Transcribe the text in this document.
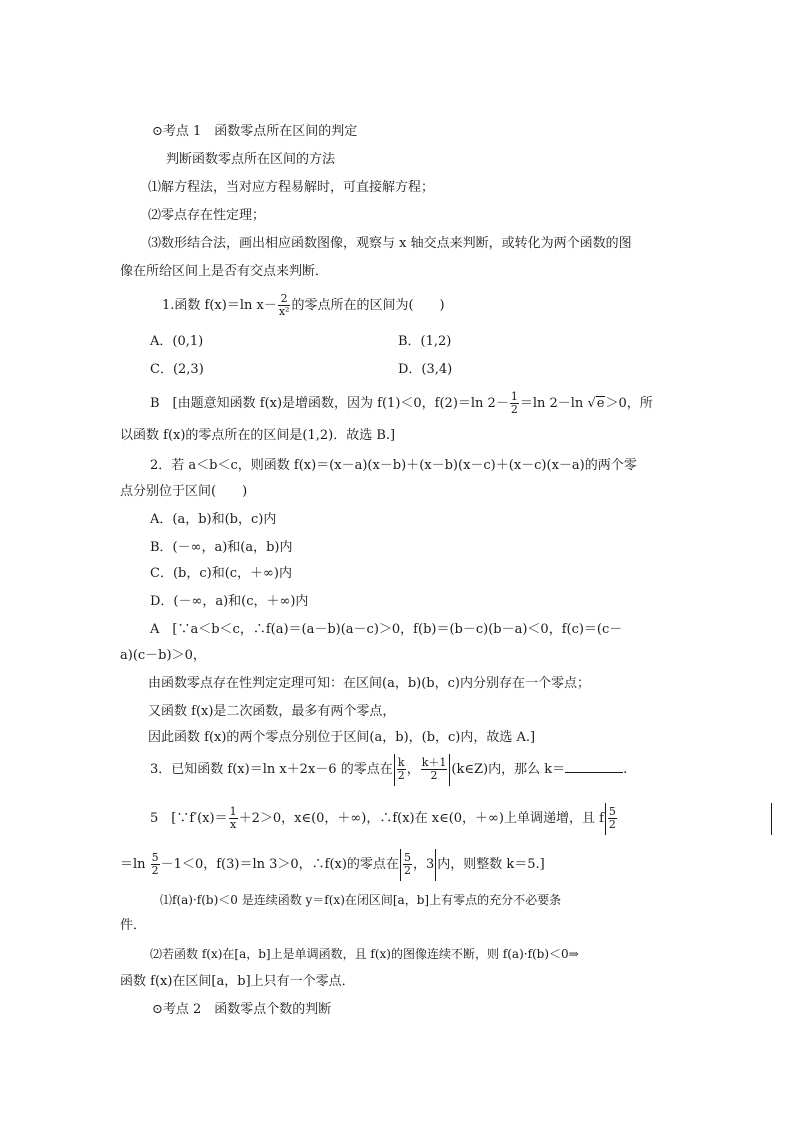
⊙考点 1　函数零点所在区间的判定
判断函数零点所在区间的方法
⑴解方程法，当对应方程易解时，可直接解方程；
⑵零点存在性定理；
⑶数形结合法，画出相应函数图像，观察与 x 轴交点来判断，或转化为两个函数的图
像在所给区间上是否有交点来判断．
1.函数 f(x)＝ln $x- \frac{2}{\text{x²}}$ 的零点所在的区间为(　　)
A．(0,1)	B．(1,2)
C．(2,3)	D．(3,4)
B　[由题意知函数 f(x)是增函数，因为 f(1)＜0，f(2)＝ln $2- \frac{1}{2} =\ln$ 2－ln √e＞0，所
以函数 f(x)的零点所在的区间是(1,2)．故选 B.]
2．若 a＜b＜c，则函数 f(x)＝(x－a)(x－b)＋(x－b)(x－c)＋(x－c)(x－a)的两个零
点分别位于区间(　　)
A．(a，b)和(b，c)内
B．(－∞，a)和(a，b)内
C．(b，c)和(c，＋∞)内
D．(－∞，a)和(c，＋∞)内
A　[∵a＜b＜c，∴f(a)＝(a－b)(a－c)＞0，f(b)＝(b－c)(b－a)＜0，f(c)＝(c－
a)(c－b)＞0，
由函数零点存在性判定定理可知：在区间(a，b)(b，c)内分别存在一个零点；
又函数 f(x)是二次函数，最多有两个零点，
因此函数 f(x)的两个零点分别位于区间(a，b)，(b，c)内，故选 A.]
3．已知函数 f(x)＝ln x＋2x－6 的零点在 $\frac{k}{2}$ ， $\frac{k+1}{2}$ (k∈Z)内，那么 k＝	.
5　[∵f′(x)＝ $\frac{1}{x} +2>0$，x∈(0，＋∞)，∴f(x)在 x∈(0，＋∞)上单调递增，且 f $\frac{5}{2}$
$=\ln \frac{5}{2} -1<0$，f(3)＝ln 3＞0，∴f(x)的零点在 $\frac{5}{2}$ ，3 内，则整数 k＝5.]
⑴f(a)·f(b)＜0 是连续函数 y＝f(x)在闭区间[a，b]上有零点的充分不必要条
件．
⑵若函数 f(x)在[a，b]上是单调函数，且 f(x)的图像连续不断，则 f(a)·f(b)＜0⇒
函数 f(x)在区间[a，b]上只有一个零点．
⊙考点 2　函数零点个数的判断
